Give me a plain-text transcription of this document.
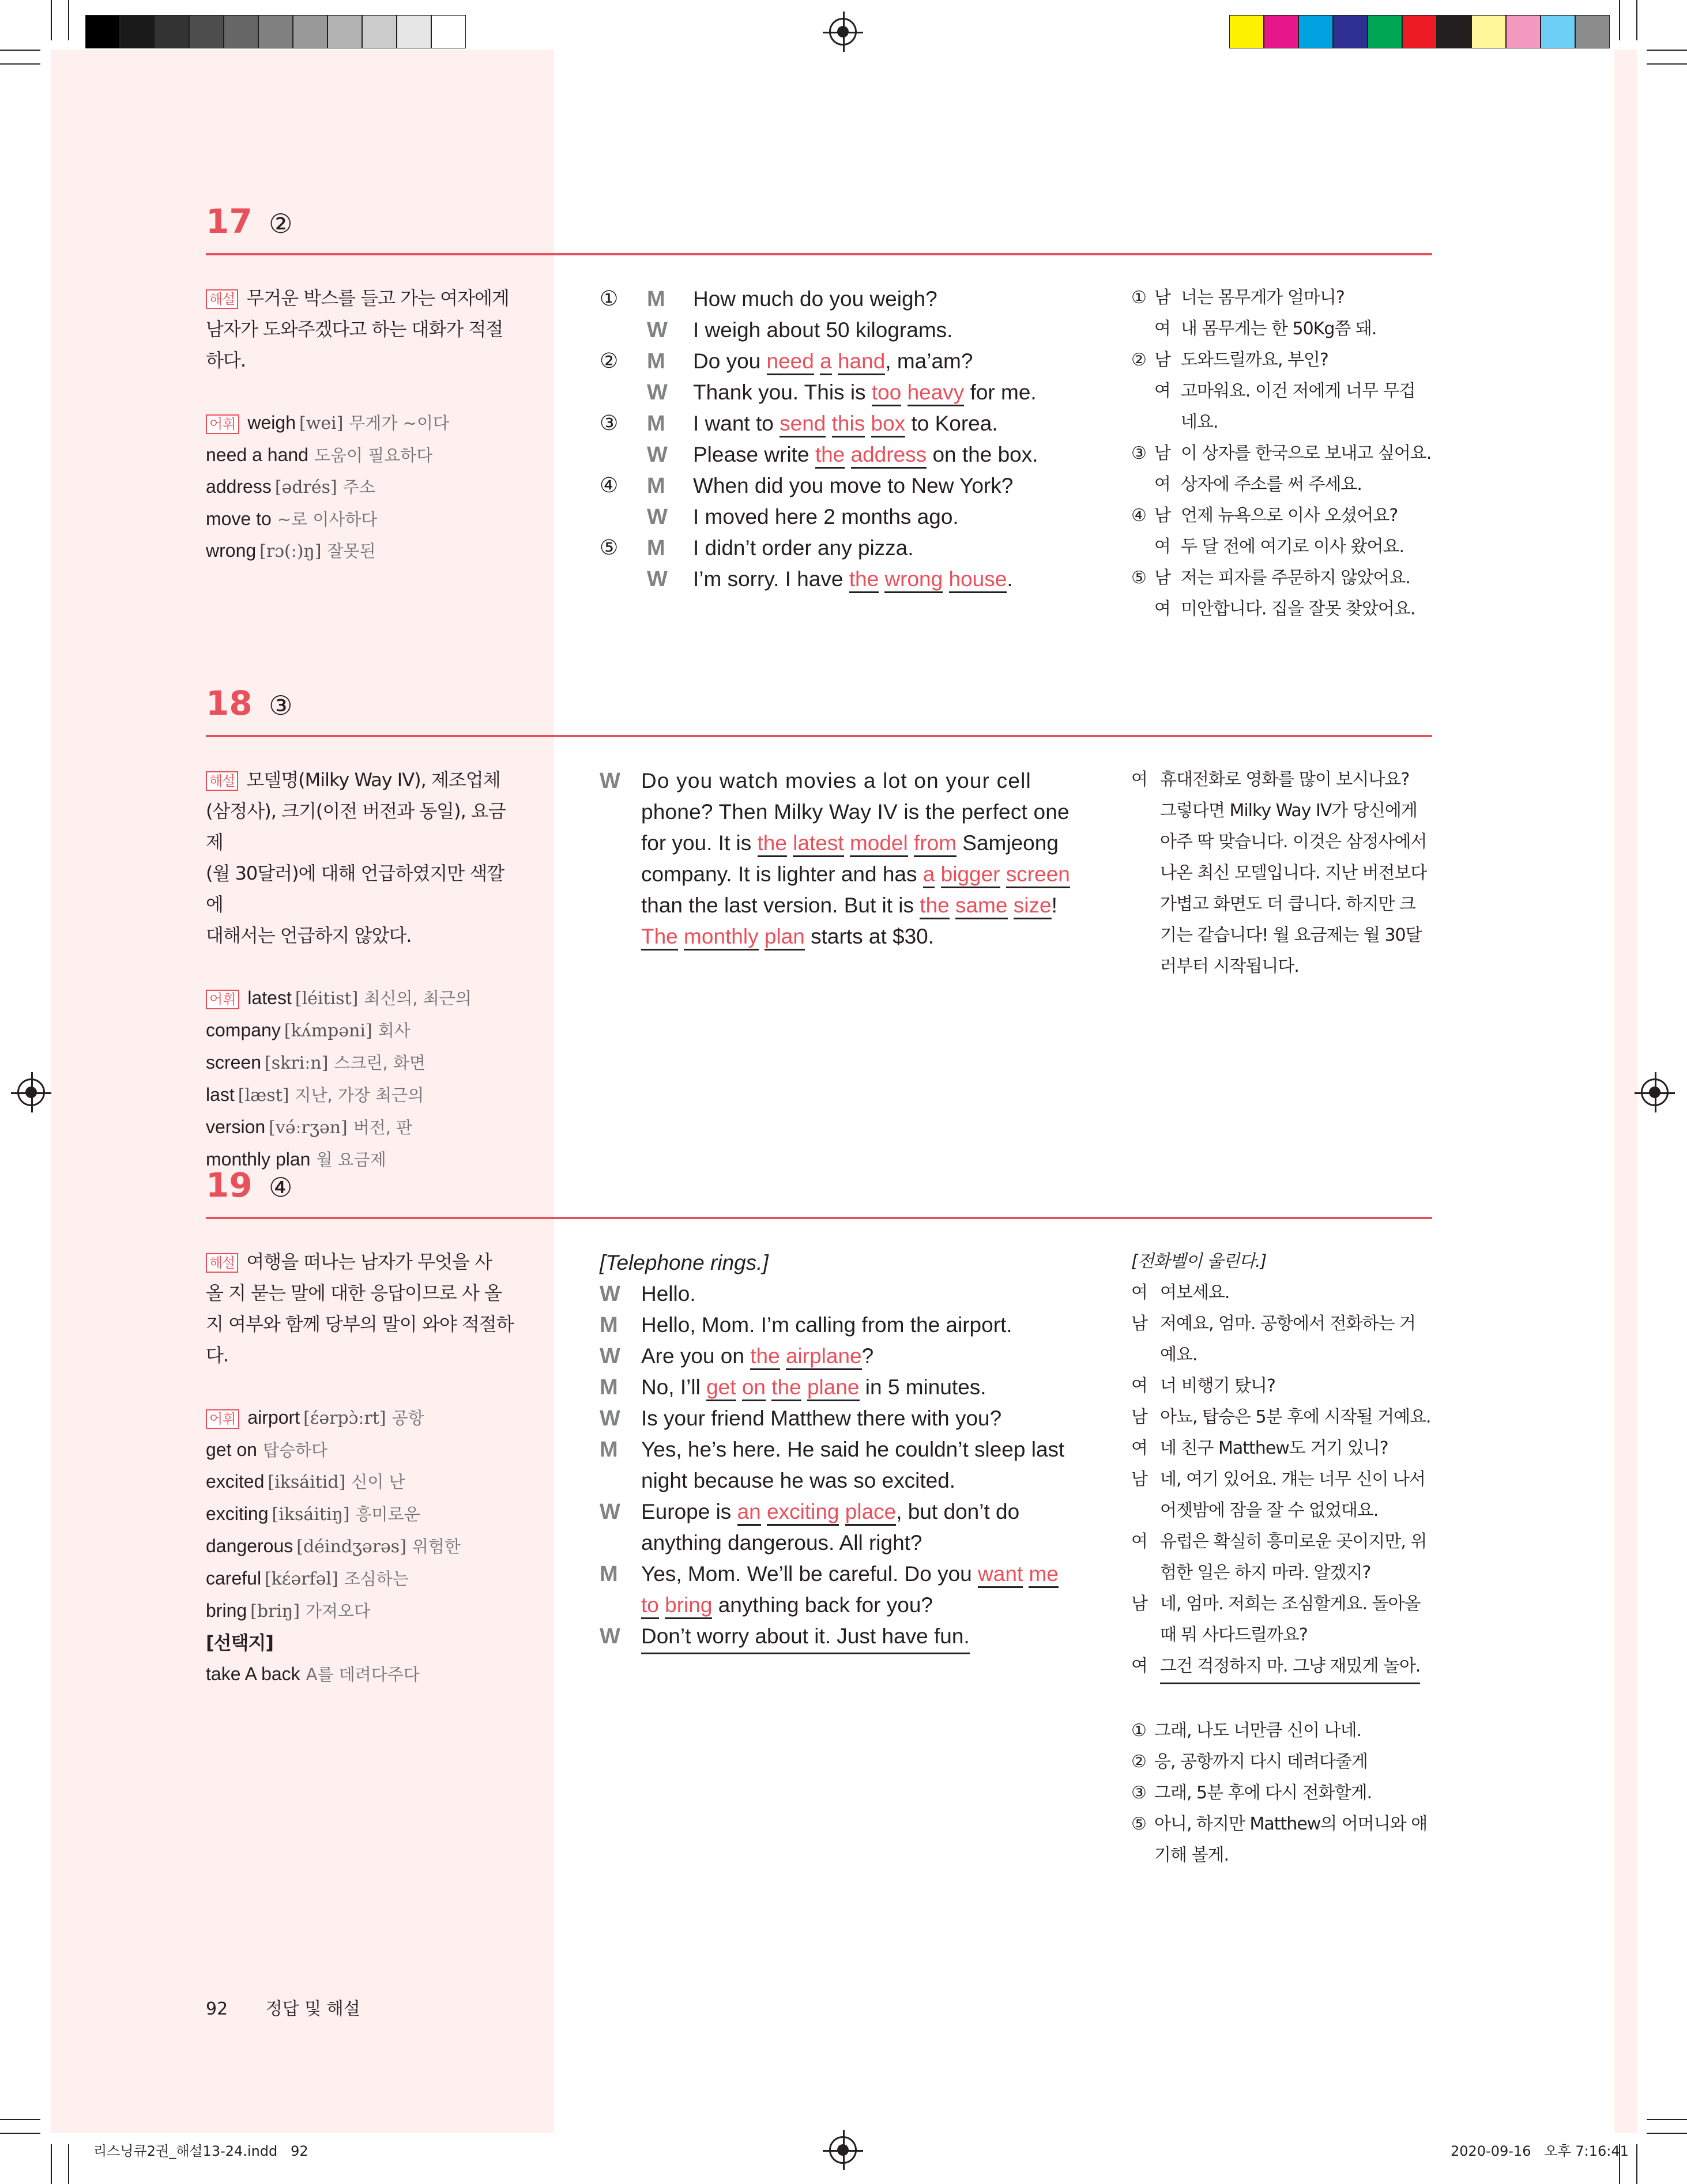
17 ②
해설 무거운 박스를 들고 가는 여자에게
남자가 도와주겠다고 하는 대화가 적절
하다.
어휘 weigh [wei] 무게가 ~이다
need a hand 도움이 필요하다
address [ədrés] 주소
move to ~로 이사하다
wrong [rɔ(ː)ŋ] 잘못된
①	M	How much do you weigh?
W	I weigh about 50 kilograms.
②	M	Do you need a hand, ma’am?
W	Thank you. This is too heavy for me.
③	M	I want to send this box to Korea.
W	Please write the address on the box.
④	M	When did you move to New York?
W	I moved here 2 months ago.
⑤	M	I didn’t order any pizza.
W	I’m sorry. I have the wrong house.
① 남 너는 몸무게가 얼마니?
여 내 몸무게는 한 50Kg쯤 돼.
② 남 도와드릴까요, 부인?
여 고마워요. 이건 저에게 너무 무겁
네요.
③ 남 이 상자를 한국으로 보내고 싶어요.
여 상자에 주소를 써 주세요.
④ 남 언제 뉴욕으로 이사 오셨어요?
여 두 달 전에 여기로 이사 왔어요.
⑤ 남 저는 피자를 주문하지 않았어요.
여 미안합니다. 집을 잘못 찾았어요.
18 ③
해설 모델명(Milky Way IV), 제조업체
(삼정사), 크기(이전 버전과 동일), 요금제
(월 30달러)에 대해 언급하였지만 색깔에
대해서는 언급하지 않았다.
어휘 latest [léitist] 최신의, 최근의
company [kʌ́mpəni] 회사
screen [skriːn] 스크린, 화면
last [læst] 지난, 가장 최근의
version [və́ːrʒən] 버전, 판
monthly plan 월 요금제
W Do you watch movies a lot on your cell
phone? Then Milky Way IV is the perfect one
for you. It is the latest model from Samjeong
company. It is lighter and has a bigger screen
than the last version. But it is the same size!
The monthly plan starts at $30.
여 휴대전화로 영화를 많이 보시나요?
그렇다면 Milky Way IV가 당신에게
아주 딱 맞습니다. 이것은 삼정사에서
나온 최신 모델입니다. 지난 버전보다
가볍고 화면도 더 큽니다. 하지만 크
기는 같습니다! 월 요금제는 월 30달
러부터 시작됩니다.
19 ④
해설 여행을 떠나는 남자가 무엇을 사
올 지 묻는 말에 대한 응답이므로 사 올
지 여부와 함께 당부의 말이 와야 적절하
다.
어휘 airport [ɛ́ərpɔ̀ːrt] 공항
get on 탑승하다
excited [iksáitid] 신이 난
exciting [iksáitiŋ] 흥미로운
dangerous [déindʒərəs] 위험한
careful [kɛ́ərfəl] 조심하는
bring [briŋ] 가져오다
[선택지]
take A back A를 데려다주다
[Telephone rings.]
W Hello.
M	Hello, Mom. I’m calling from the airport.
W Are you on the airplane?
M	No, I’ll get on the plane in 5 minutes.
W Is your friend Matthew there with you?
M	Yes, he’s here. He said he couldn’t sleep last
night because he was so excited.
W Europe is an exciting place, but don’t do
anything dangerous. All right?
M	Yes, Mom. We’ll be careful. Do you want me
to bring anything back for you?
W Don’t worry about it. Just have fun.
[전화벨이 울린다.]
여 여보세요.
남 저예요, 엄마. 공항에서 전화하는 거
예요.
여 너 비행기 탔니?
남 아뇨, 탑승은 5분 후에 시작될 거예요.
여 네 친구 Matthew도 거기 있니?
남 네, 여기 있어요. 걔는 너무 신이 나서
어젯밤에 잠을 잘 수 없었대요.
여 유럽은 확실히 흥미로운 곳이지만, 위
험한 일은 하지 마라. 알겠지?
남 네, 엄마. 저희는 조심할게요. 돌아올
때 뭐 사다드릴까요?
여 그건 걱정하지 마. 그냥 재밌게 놀아.
① 그래, 나도 너만큼 신이 나네.
② 응, 공항까지 다시 데려다줄게
③ 그래, 5분 후에 다시 전화할게.
⑤ 아니, 하지만 Matthew의 어머니와 얘
기해 볼게.
92 정답 및 해설
리스닝큐2권_해설13-24.indd   92	2020-09-16   오후 7:16:41
